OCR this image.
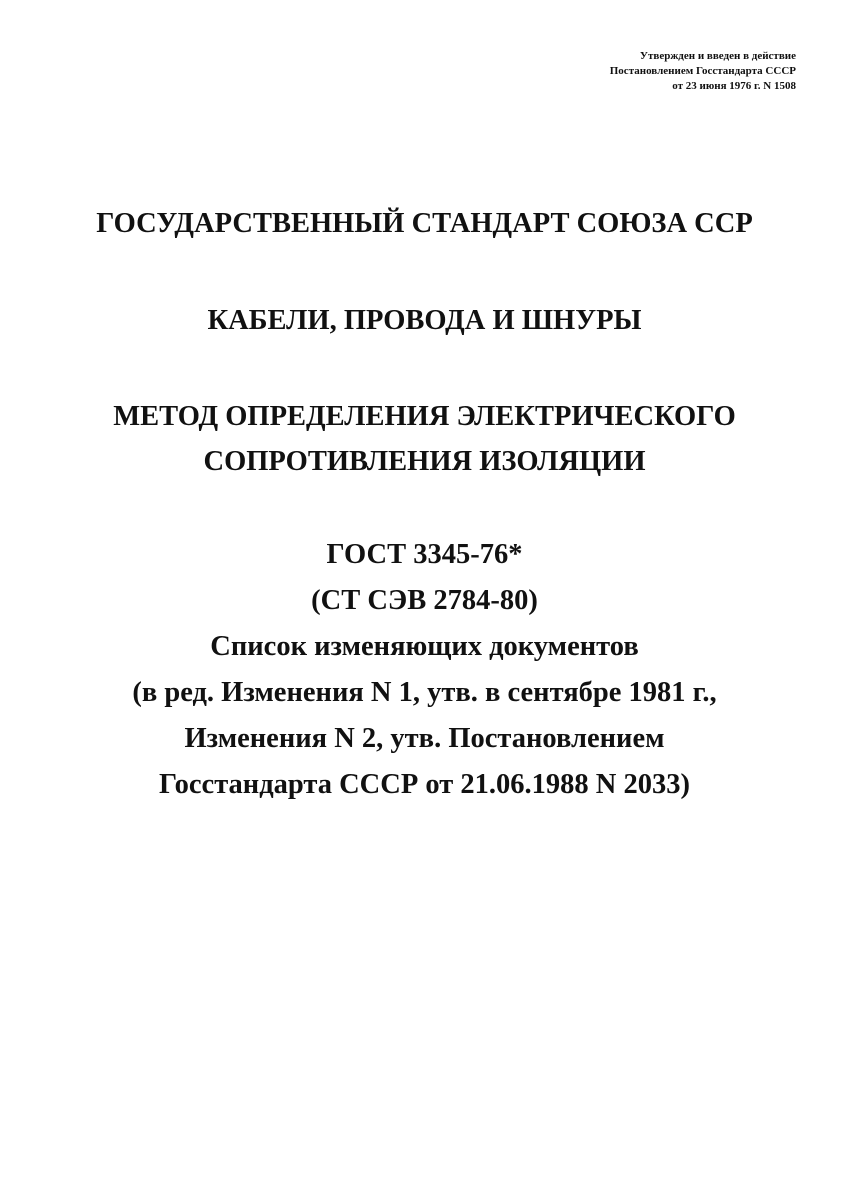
Утвержден и введен в действие
Постановлением Госстандарта СССР
от 23 июня 1976 г. N 1508
ГОСУДАРСТВЕННЫЙ СТАНДАРТ СОЮЗА ССР
КАБЕЛИ, ПРОВОДА И ШНУРЫ
МЕТОД ОПРЕДЕЛЕНИЯ ЭЛЕКТРИЧЕСКОГО
СОПРОТИВЛЕНИЯ ИЗОЛЯЦИИ
ГОСТ 3345-76*
(СТ СЭВ 2784-80)
Список изменяющих документов
(в ред. Изменения N 1, утв. в сентябре 1981 г.,
Изменения N 2, утв. Постановлением
Госстандарта СССР от 21.06.1988 N 2033)
